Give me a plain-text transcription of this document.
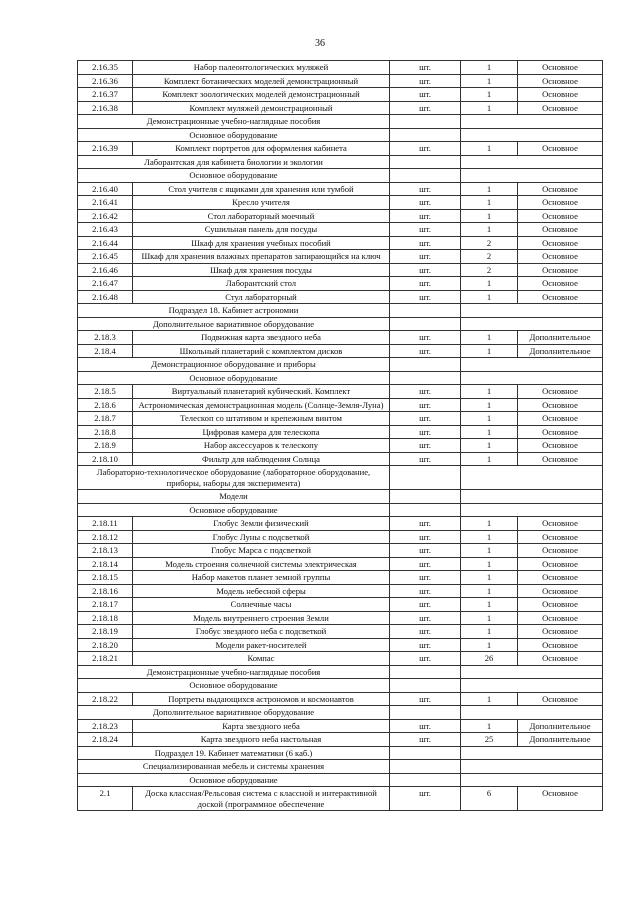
36
2.16.35	Набор палеонтологических муляжей	шт.	1	Основное
2.16.36	Комплект ботанических моделей демонстрационный	шт.	1	Основное
2.16.37	Комплект зоологических моделей демонстрационный	шт.	1	Основное
2.16.38	Комплект муляжей демонстрационный	шт.	1	Основное
Демонстрационные учебно-наглядные пособия				
Основное оборудование				
2.16.39	Комплект портретов для оформления кабинета	шт.	1	Основное
Лаборантская для кабинета биологии и экологии				
Основное оборудование				
2.16.40	Стол учителя с ящиками для хранения или тумбой	шт.	1	Основное
2.16.41	Кресло учителя	шт.	1	Основное
2.16.42	Стол лабораторный моечный	шт.	1	Основное
2.16.43	Сушильная панель для посуды	шт.	1	Основное
2.16.44	Шкаф для хранения учебных пособий	шт.	2	Основное
2.16.45	Шкаф для хранения влажных препаратов запирающийся на ключ	шт.	2	Основное
2.16.46	Шкаф для хранения посуды	шт.	2	Основное
2.16.47	Лаборантский стол	шт.	1	Основное
2.16.48	Стул лабораторный	шт.	1	Основное
Подраздел 18. Кабинет астрономии				
Дополнительное вариативное оборудование				
2.18.3	Подвижная карта звездного неба	шт.	1	Дополнительное
2.18.4	Школьный планетарий с комплектом дисков	шт.	1	Дополнительное
Демонстрационное оборудование и приборы				
Основное оборудование				
2.18.5	Виртуальный планетарий кубический. Комплект	шт.	1	Основное
2.18.6	Астрономическая демонстрационная модель (Солнце-Земля-Луна)	шт.	1	Основное
2.18.7	Телескоп со штативом и крепежным винтом	шт.	1	Основное
2.18.8	Цифровая камера для телескопа	шт.	1	Основное
2.18.9	Набор аксессуаров к телескопу	шт.	1	Основное
2.18.10	Фильтр для наблюдения Солнца	шт.	1	Основное
Лабораторно-технологическое оборудование (лабораторное оборудование, приборы, наборы для эксперимента)				
Модели				
Основное оборудование				
2.18.11	Глобус Земли физический	шт.	1	Основное
2.18.12	Глобус Луны с подсветкой	шт.	1	Основное
2.18.13	Глобус Марса с подсветкой	шт.	1	Основное
2.18.14	Модель строения солнечной системы электрическая	шт.	1	Основное
2.18.15	Набор макетов планет земной группы	шт.	1	Основное
2.18.16	Модель небесной сферы	шт.	1	Основное
2.18.17	Солнечные часы	шт.	1	Основное
2.18.18	Модель внутреннего строения Земли	шт.	1	Основное
2.18.19	Глобус звездного неба с подсветкой	шт.	1	Основное
2.18.20	Модели ракет-носителей	шт.	1	Основное
2.18.21	Компас	шт.	26	Основное
Демонстрационные учебно-наглядные пособия				
Основное оборудование				
2.18.22	Портреты выдающихся астрономов и космонавтов	шт.	1	Основное
Дополнительное вариативное оборудование				
2.18.23	Карта звездного неба	шт.	1	Дополнительное
2.18.24	Карта звездного неба настольная	шт.	25	Дополнительное
Подраздел 19. Кабинет математики (6 каб.)				
Специализированная мебель и системы хранения				
Основное оборудование				
2.1	Доска классная/Рельсовая система с классной и интерактивной доской (программное обеспечение	шт.	6	Основное
